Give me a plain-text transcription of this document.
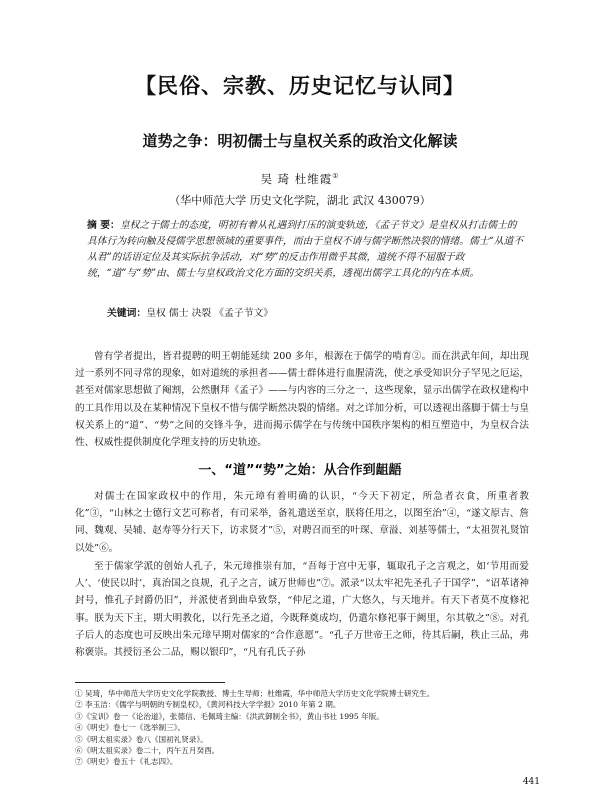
【民俗、宗教、历史记忆与认同】
道势之争：明初儒士与皇权关系的政治文化解读
吴 琦 杜维霞①
（华中师范大学 历史文化学院，湖北 武汉 430079）
摘 要：皇权之于儒士的态度，明初有着从礼遇到打压的演变轨迹，《孟子节文》是皇权从打击儒士的具体行为转向触及侵儒学思想领域的重要事件，而由于皇权不请与儒学断然决裂的情绪。儒士“从道不从君”的话语定位及其实际抗争活动，对“势”的反击作用微乎其微，道统不得不屈服于政统，“道”与“势”由、儒士与皇权政治文化方面的交织关系，透视出儒学工具化的内在本质。
关键词：皇权 儒士 决裂 《孟子节文》

曾有学者提出，皆君提聘的明王朝能延续 200 多年，根源在于儒学的啃育②。而在洪武年间，却出现过一系列不同寻常的现象，如对道统的承担者——儒士群体进行血腥清洗，使之承受知识分子罕见之厄运，甚至对儒家思想做了阉割，公然删拜《孟子》——与内容的三分之一，这些现象，显示出儒学在政权建构中的工具作用以及在某种情况下皇权不惜与儒学断然决裂的情绪。对之详加分析，可以透视出落脚于儒士与皇权关系上的“道”、“势”之间的交锋斗争，进而揭示儒学在与传统中国秩序架构的相互塑造中，为皇权合法性、权威性提供制度化学理支持的历史轨迹。

一、“道”“势”之始：从合作到龃龉

对儒士在国家政权中的作用，朱元璋有着明确的认识，“今天下初定，所急者衣食，所重者教化”③，“山林之士德行文艺可称者，有司采举，备礼遣送至京，朕将任用之，以图至治”④，“遂文原吉、詹同、魏观、吴辅、赵寿等分行天下，访求贤才”⑤，对聘召而至的叶琛、章溢、刘基等儒士，“太祖贺礼贤馆以处”⑥。

至于儒家学派的创始人孔子，朱元璋推崇有加，“吾每于宫中无事，辄取孔子之言观之，如‘节用而爱人’、‘使民以时’，真治国之良规，孔子之言，诚万世师也”⑦。派录“以太牢祀先圣孔子于国学”，“诏革诸神封号，惟孔子封爵仍旧”，并派使者到曲阜致祭，“仲尼之道，广大悠久，与天地并。有天下者莫不度修祀事。朕为天下主，期大明教化，以行先圣之道，今既释奠成均，仍遣尔修祀事于阙里，尔其敬之”⑧。对孔子后人的态度也可反映出朱元璋早期对儒家的“合作意愿”。“孔子万世帝王之师，待其后嗣，秩止三品，弗称褒崇。其授衍圣公二品，赐以银印”，“凡有孔氏子孙

① 吴琦，华中师范大学历史文化学院教授、博士生导师；杜维霞，华中师范大学历史文化学院博士研究生。
② 李玉洁：《儒学与明朝的专制皇权》，《黄河科技大学学报》2010 年第 2 期。
③《宝训》卷一《论治道》，张德信、毛佩琦主编：《洪武御制全书》，黄山书社 1995 年版。
④《明史》卷七一《选举制三》。
⑤《明太祖实录》卷八《国初礼贤录》。
⑥《明太祖实录》卷二十，丙午五月癸酉。
⑦《明史》卷五十《礼志四》。
441
